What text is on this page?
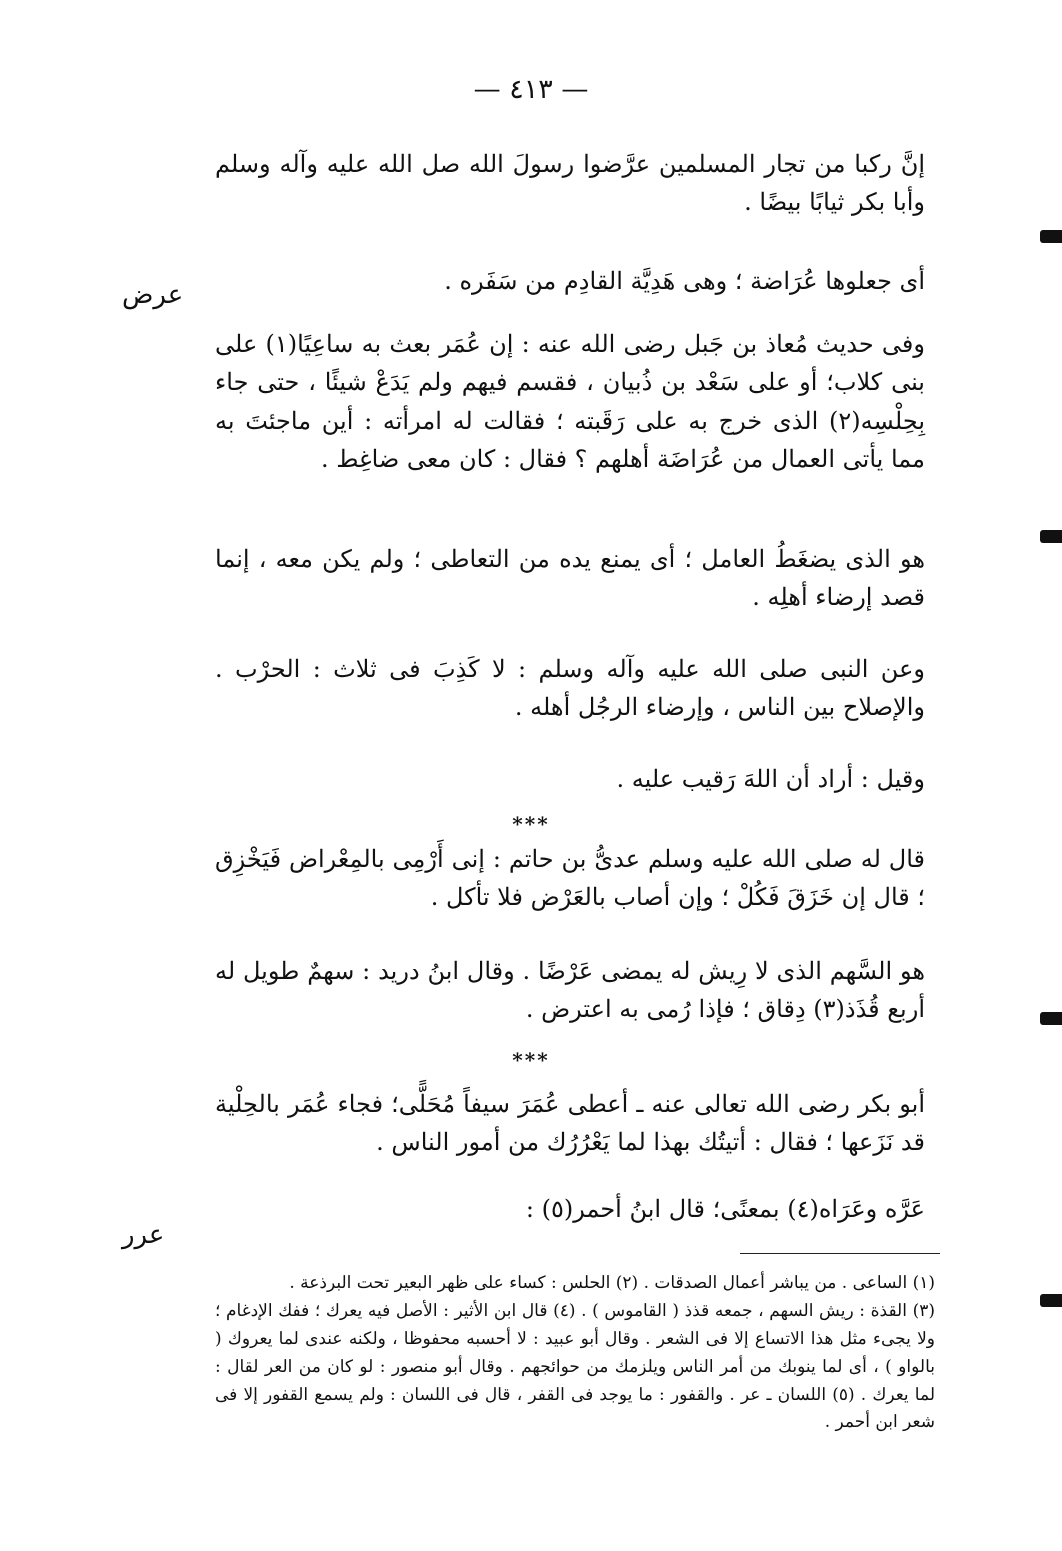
— ٤١٣ —
إنَّ ركبا من تجار المسلمين عرَّضوا رسولَ الله صل الله عليه وآله وسلم وأبا بكر ثيابًا بيضًا .
أى جعلوها عُرَاضة ؛ وهى هَدِيَّة القادِم من سَفَره .
عرض
وفى حديث مُعاذ بن جَبل رضى الله عنه : إن عُمَر بعث به ساعِيًا(١) على بنى كلاب؛ أو على سَعْد بن ذُبيان ، فقسم فيهم ولم يَدَعْ شيئًا ، حتى جاء بِحِلْسِه(٢) الذى خرج به على رَقَبته ؛ فقالت له امرأته : أين ماجئتَ به مما يأتى العمال من عُرَاضَة أهلهم ؟ فقال : كان معى ضاغِط .
هو الذى يضغَطُ العامل ؛ أى يمنع يده من التعاطى ؛ ولم يكن معه ، إنما قصد إرضاء أهلِه .
وعن النبى صلى الله عليه وآله وسلم : لا كَذِبَ فى ثلاث : الحرْب . والإصلاح بين الناس ، وإرضاء الرجُل أهله .
وقيل : أراد أن اللهَ رَقيب عليه .
***
قال له صلى الله عليه وسلم عدىُّ بن حاتم : إنى أَرْمِى بالمِعْراض فَيَخْزِق ؛ قال إن خَزَقَ فَكُلْ ؛ وإن أصاب بالعَرْض فلا تأكل .
هو السَّهم الذى لا رِيش له يمضى عَرْضًا . وقال ابنُ دريد : سهمٌ طويل له أربع قُذَذ(٣) دِقاق ؛ فإذا رُمى به اعترض .
***
أبو بكر رضى الله تعالى عنه ـ أعطى عُمَرَ سيفاً مُحَلًّى؛ فجاء عُمَر بالحِلْية قد نَزَعها ؛ فقال : أتيتُك بهذا لما يَعْرُرُك من أمور الناس .
عَرَّه وعَرَاه(٤) بمعنًى؛ قال ابنُ أحمر(٥) :
عرر
(١) الساعى . من يباشر أعمال الصدقات . (٢) الحلس : كساء على ظهر البعير تحت البرذعة .
(٣) القذة : ريش السهم ، جمعه قذذ ( القاموس ) . (٤) قال ابن الأثير : الأصل فيه يعرك ؛ ففك الإدغام ؛ ولا يجىء مثل هذا الاتساع إلا فى الشعر . وقال أبو عبيد : لا أحسبه محفوظا ، ولكنه عندى لما يعروك ( بالواو ) ، أى لما ينوبك من أمر الناس ويلزمك من حوائجهم . وقال أبو منصور : لو كان من العر لقال : لما يعرك . (٥) اللسان ـ عر . والقفور : ما يوجد فى القفر ، قال فى اللسان : ولم يسمع القفور إلا فى شعر ابن أحمر .
